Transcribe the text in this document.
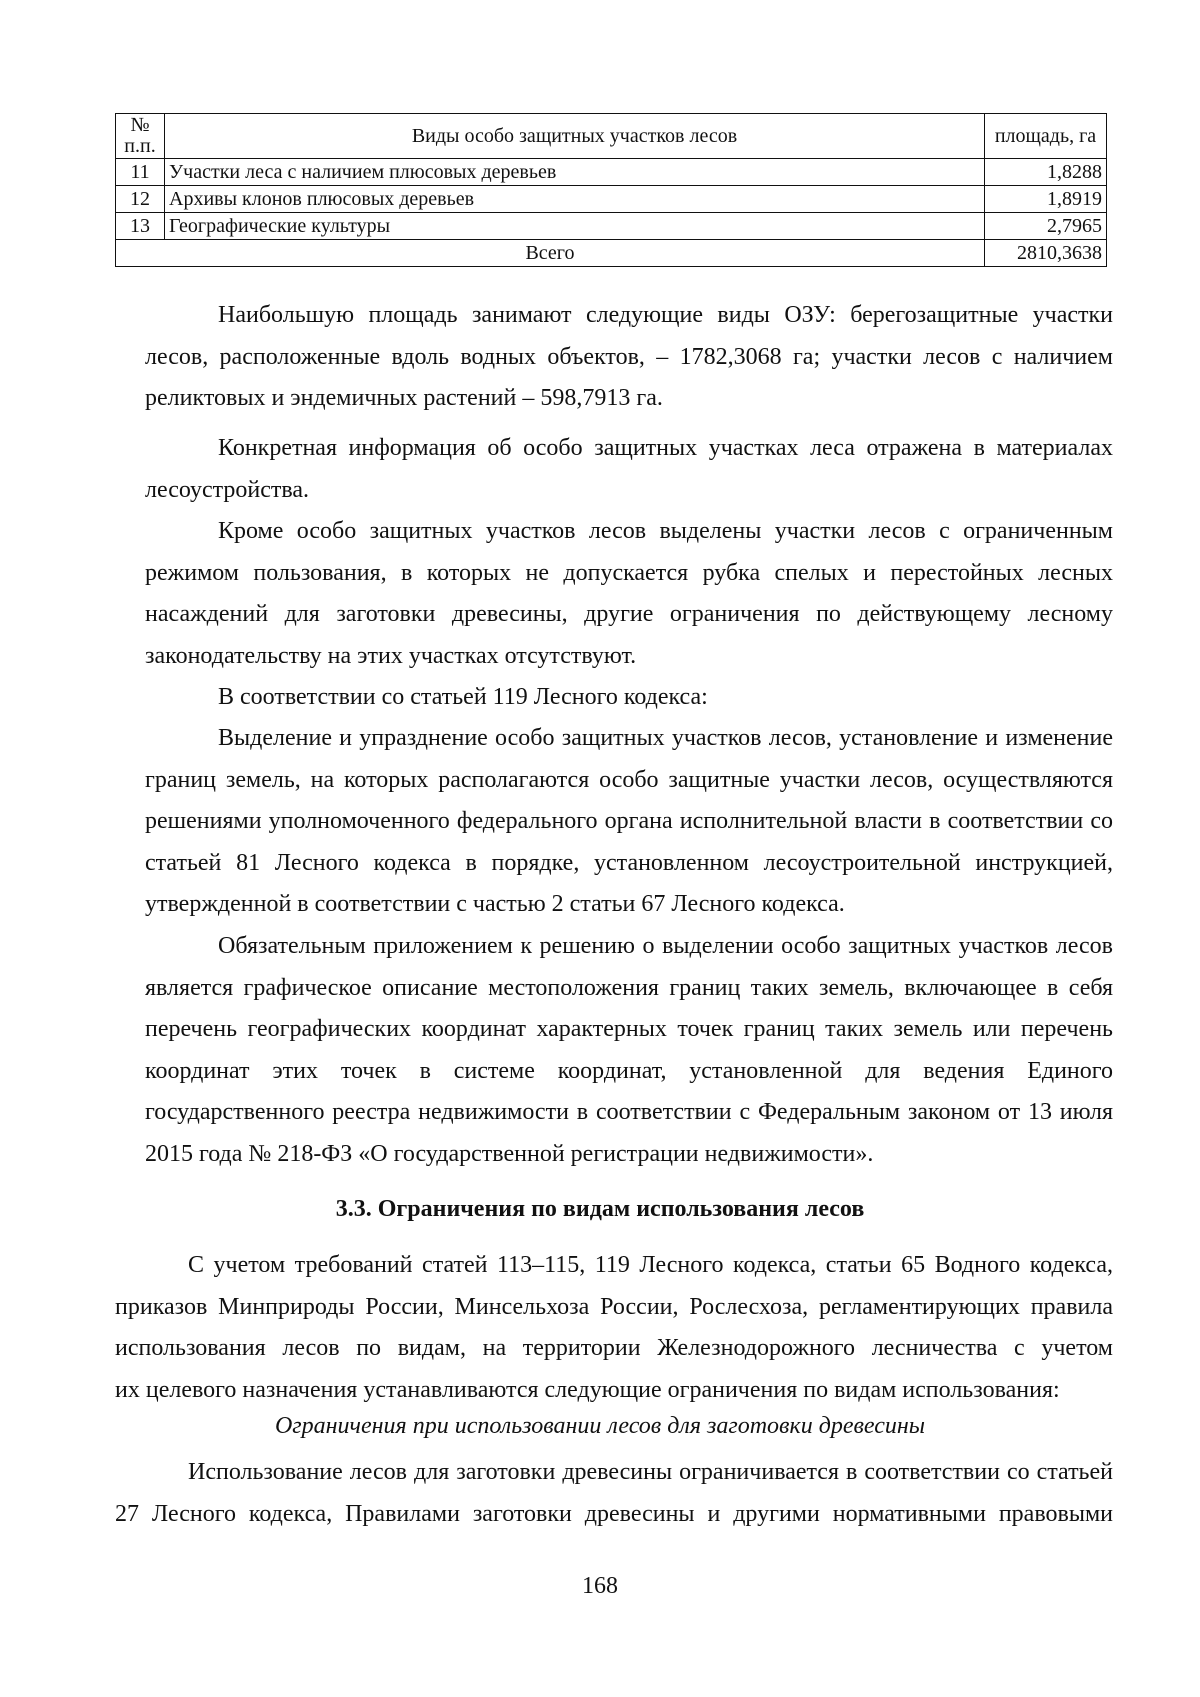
№
п.п.	Виды особо защитных участков лесов	площадь, га
11	Участки леса с наличием плюсовых деревьев	1,8288
12	Архивы клонов плюсовых деревьев	1,8919
13	Географические культуры	2,7965
Всего		2810,3638
Наибольшую площадь занимают следующие виды ОЗУ: берегозащитные участки
лесов, расположенные вдоль водных объектов, – 1782,3068 га; участки лесов с наличием
реликтовых и эндемичных растений – 598,7913 га.
Конкретная информация об особо защитных участках леса отражена в материалах
лесоустройства.
Кроме особо защитных участков лесов выделены участки лесов с ограниченным
режимом пользования, в которых не допускается рубка спелых и перестойных лесных
насаждений для заготовки древесины, другие ограничения по действующему лесному
законодательству на этих участках отсутствуют.
В соответствии со статьей 119 Лесного кодекса:
Выделение и упразднение особо защитных участков лесов, установление и изменение
границ земель, на которых располагаются особо защитные участки лесов, осуществляются
решениями уполномоченного федерального органа исполнительной власти в соответствии со
статьей 81 Лесного кодекса в порядке, установленном лесоустроительной инструкцией,
утвержденной в соответствии с частью 2 статьи 67 Лесного кодекса.
Обязательным приложением к решению о выделении особо защитных участков лесов
является графическое описание местоположения границ таких земель, включающее в себя
перечень географических координат характерных точек границ таких земель или перечень
координат этих точек в системе координат, установленной для ведения Единого
государственного реестра недвижимости в соответствии с Федеральным законом от 13 июля
2015 года № 218-ФЗ «О государственной регистрации недвижимости».
3.3. Ограничения по видам использования лесов
С учетом требований статей 113–115, 119 Лесного кодекса, статьи 65 Водного кодекса,
приказов Минприроды России, Минсельхоза России, Рослесхоза, регламентирующих правила
использования лесов по видам, на территории Железнодорожного лесничества с учетом
их целевого назначения устанавливаются следующие ограничения по видам использования:
Ограничения при использовании лесов для заготовки древесины
Использование лесов для заготовки древесины ограничивается в соответствии со статьей
27 Лесного кодекса, Правилами заготовки древесины и другими нормативными правовыми
168
